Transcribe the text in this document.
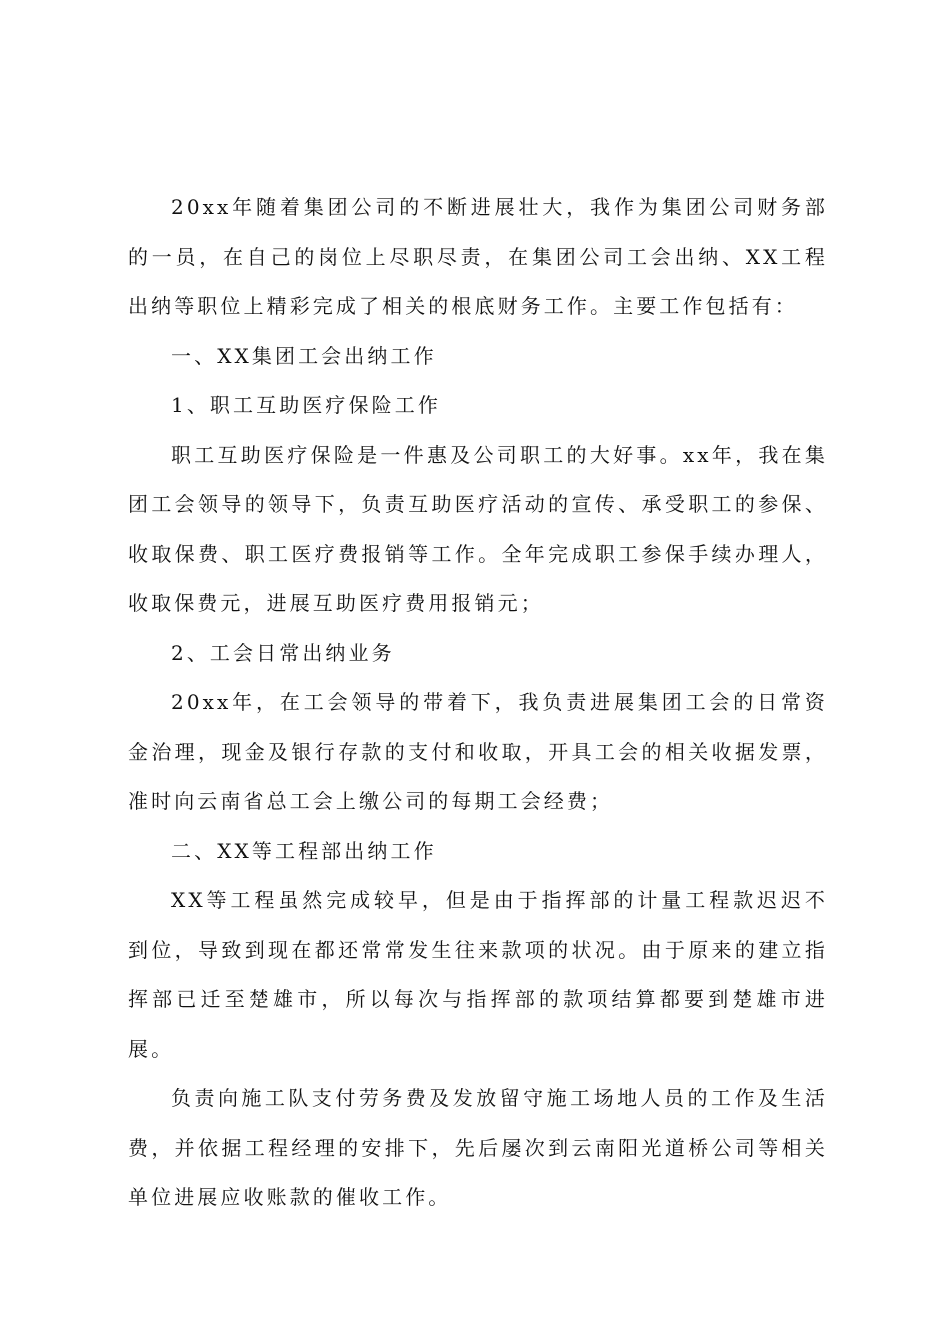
20xx年随着集团公司的不断进展壮大，我作为集团公司财务部的一员，在自己的岗位上尽职尽责，在集团公司工会出纳、XX工程出纳等职位上精彩完成了相关的根底财务工作。主要工作包括有：

一、XX集团工会出纳工作

1、职工互助医疗保险工作

职工互助医疗保险是一件惠及公司职工的大好事。xx年，我在集团工会领导的领导下，负责互助医疗活动的宣传、承受职工的参保、收取保费、职工医疗费报销等工作。全年完成职工参保手续办理人，收取保费元，进展互助医疗费用报销元；

2、工会日常出纳业务

20xx年，在工会领导的带着下，我负责进展集团工会的日常资金治理，现金及银行存款的支付和收取，开具工会的相关收据发票，准时向云南省总工会上缴公司的每期工会经费；

二、XX等工程部出纳工作

XX等工程虽然完成较早，但是由于指挥部的计量工程款迟迟不到位，导致到现在都还常常发生往来款项的状况。由于原来的建立指挥部已迁至楚雄市，所以每次与指挥部的款项结算都要到楚雄市进展。

负责向施工队支付劳务费及发放留守施工场地人员的工作及生活费，并依据工程经理的安排下，先后屡次到云南阳光道桥公司等相关单位进展应收账款的催收工作。
